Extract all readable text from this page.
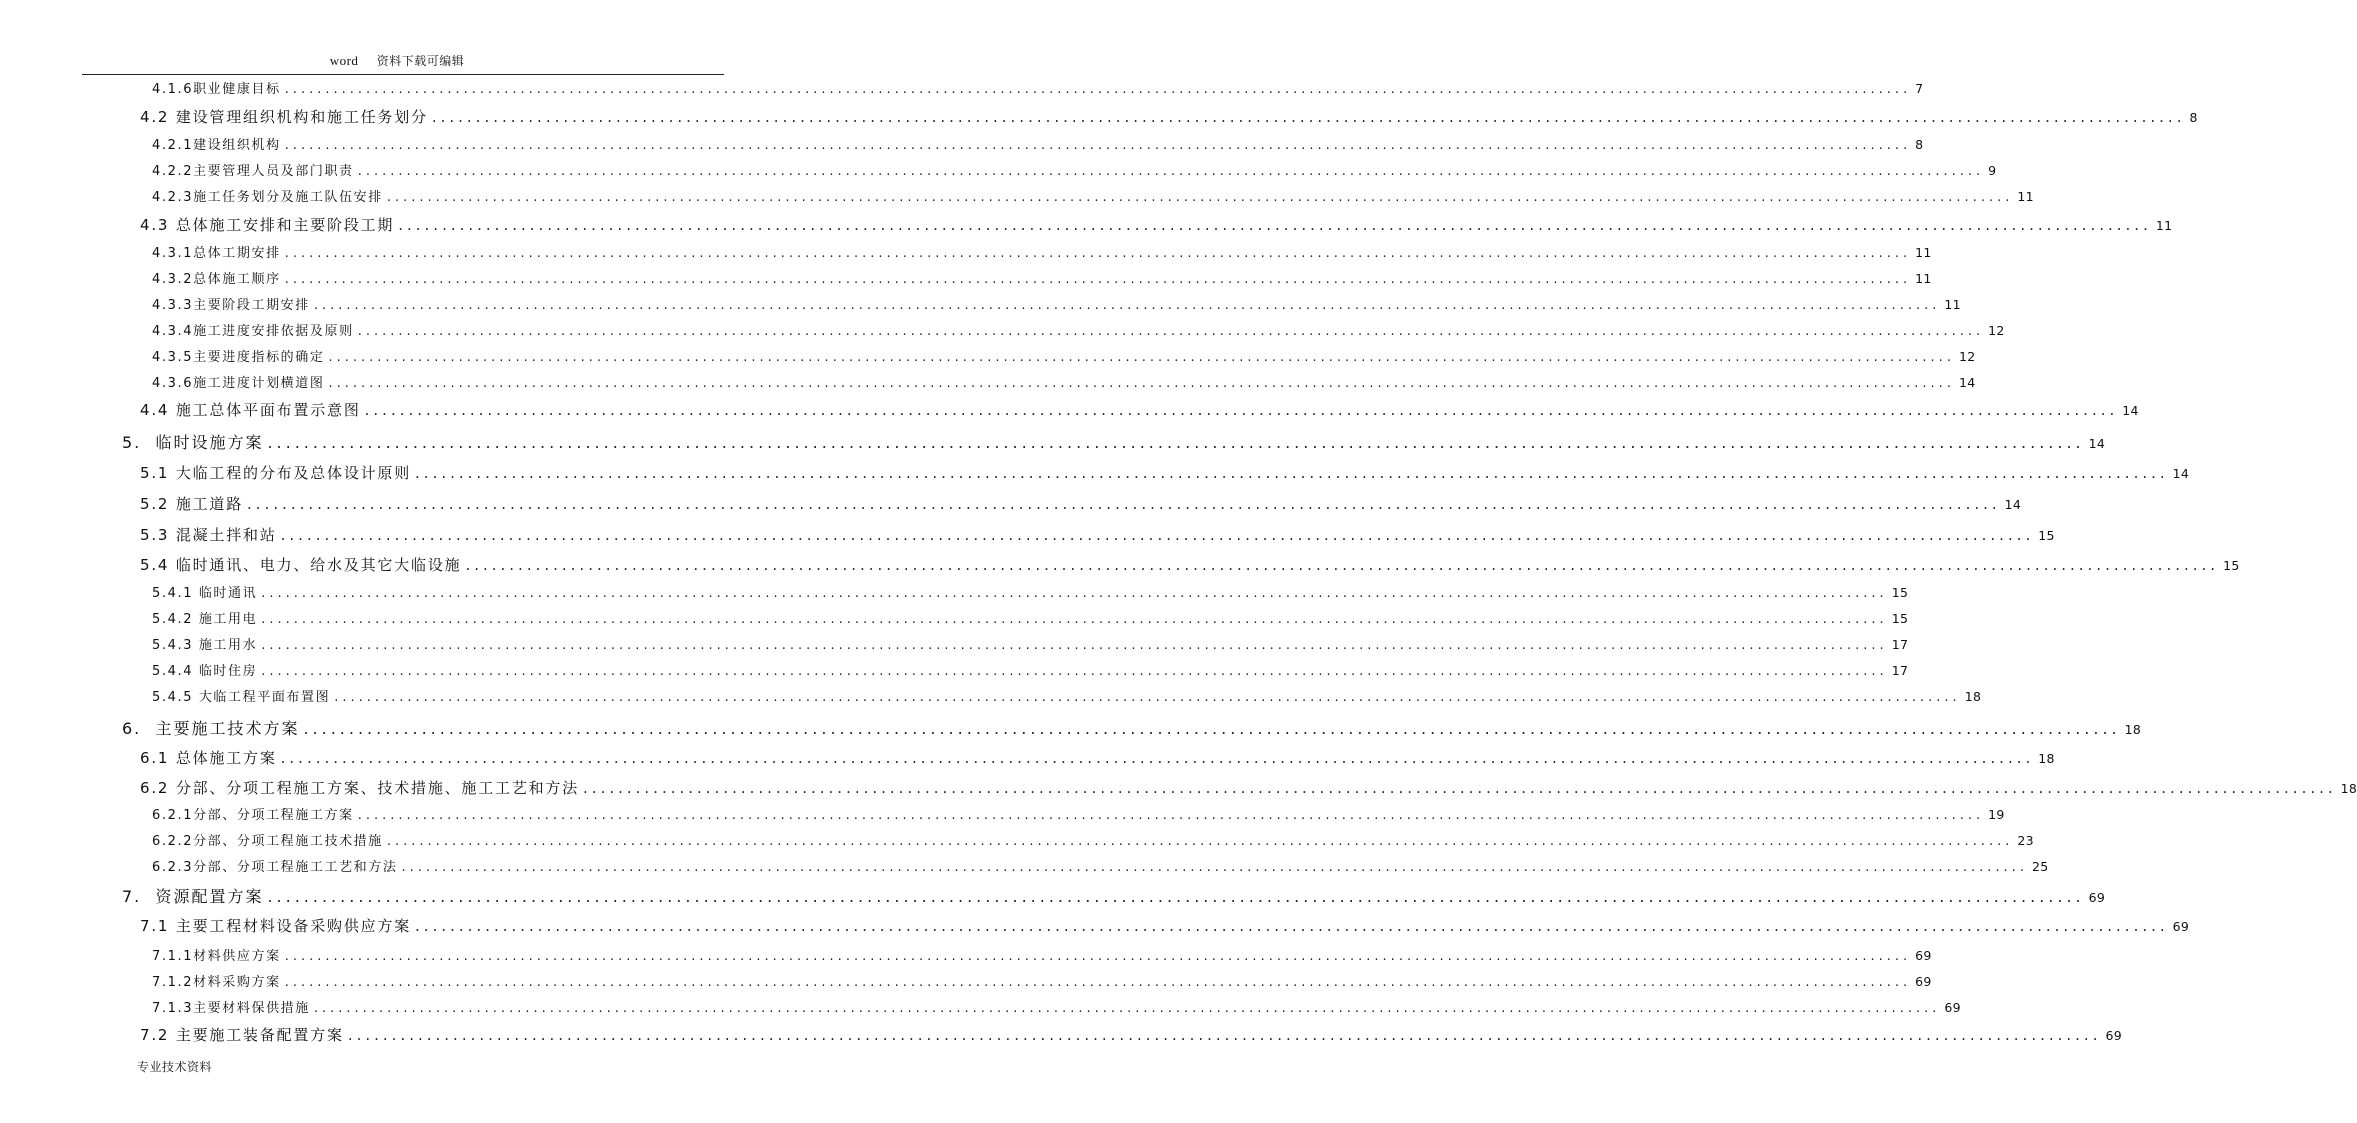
word 资料下载可编辑
4.1.6 职业健康目标 ........................................................................................................................................................................................................ 7
4.2 建设管理组织机构和施工任务划分 ........................................................................................................................................................................................................ 8
4.2.1 建设组织机构 ........................................................................................................................................................................................................ 8
4.2.2 主要管理人员及部门职责 ........................................................................................................................................................................................................ 9
4.2.3 施工任务划分及施工队伍安排 ........................................................................................................................................................................................................ 11
4.3 总体施工安排和主要阶段工期 ........................................................................................................................................................................................................ 11
4.3.1 总体工期安排 ........................................................................................................................................................................................................ 11
4.3.2 总体施工顺序 ........................................................................................................................................................................................................ 11
4.3.3 主要阶段工期安排 ........................................................................................................................................................................................................ 11
4.3.4 施工进度安排依据及原则 ........................................................................................................................................................................................................ 12
4.3.5 主要进度指标的确定 ........................................................................................................................................................................................................ 12
4.3.6 施工进度计划横道图 ........................................................................................................................................................................................................ 14
4.4 施工总体平面布置示意图 ........................................................................................................................................................................................................ 14
5. 临时设施方案 ........................................................................................................................................................................................................ 14
5.1 大临工程的分布及总体设计原则 ........................................................................................................................................................................................................ 14
5.2 施工道路 ........................................................................................................................................................................................................ 14
5.3 混凝土拌和站 ........................................................................................................................................................................................................ 15
5.4 临时通讯、电力、给水及其它大临设施 ........................................................................................................................................................................................................ 15
5.4.1 临时通讯 ........................................................................................................................................................................................................ 15
5.4.2 施工用电 ........................................................................................................................................................................................................ 15
5.4.3 施工用水 ........................................................................................................................................................................................................ 17
5.4.4 临时住房 ........................................................................................................................................................................................................ 17
5.4.5 大临工程平面布置图 ........................................................................................................................................................................................................ 18
6. 主要施工技术方案 ........................................................................................................................................................................................................ 18
6.1 总体施工方案 ........................................................................................................................................................................................................ 18
6.2 分部、分项工程施工方案、技术措施、施工工艺和方法 ........................................................................................................................................................................................................ 18
6.2.1 分部、分项工程施工方案 ........................................................................................................................................................................................................ 19
6.2.2 分部、分项工程施工技术措施 ........................................................................................................................................................................................................ 23
6.2.3 分部、分项工程施工工艺和方法 ........................................................................................................................................................................................................ 25
7. 资源配置方案 ........................................................................................................................................................................................................ 69
7.1 主要工程材料设备采购供应方案 ........................................................................................................................................................................................................ 69
7.1.1 材料供应方案 ........................................................................................................................................................................................................ 69
7.1.2 材料采购方案 ........................................................................................................................................................................................................ 69
7.1.3 主要材料保供措施 ........................................................................................................................................................................................................ 69
7.2 主要施工装备配置方案 ........................................................................................................................................................................................................ 69
专业技术资料
